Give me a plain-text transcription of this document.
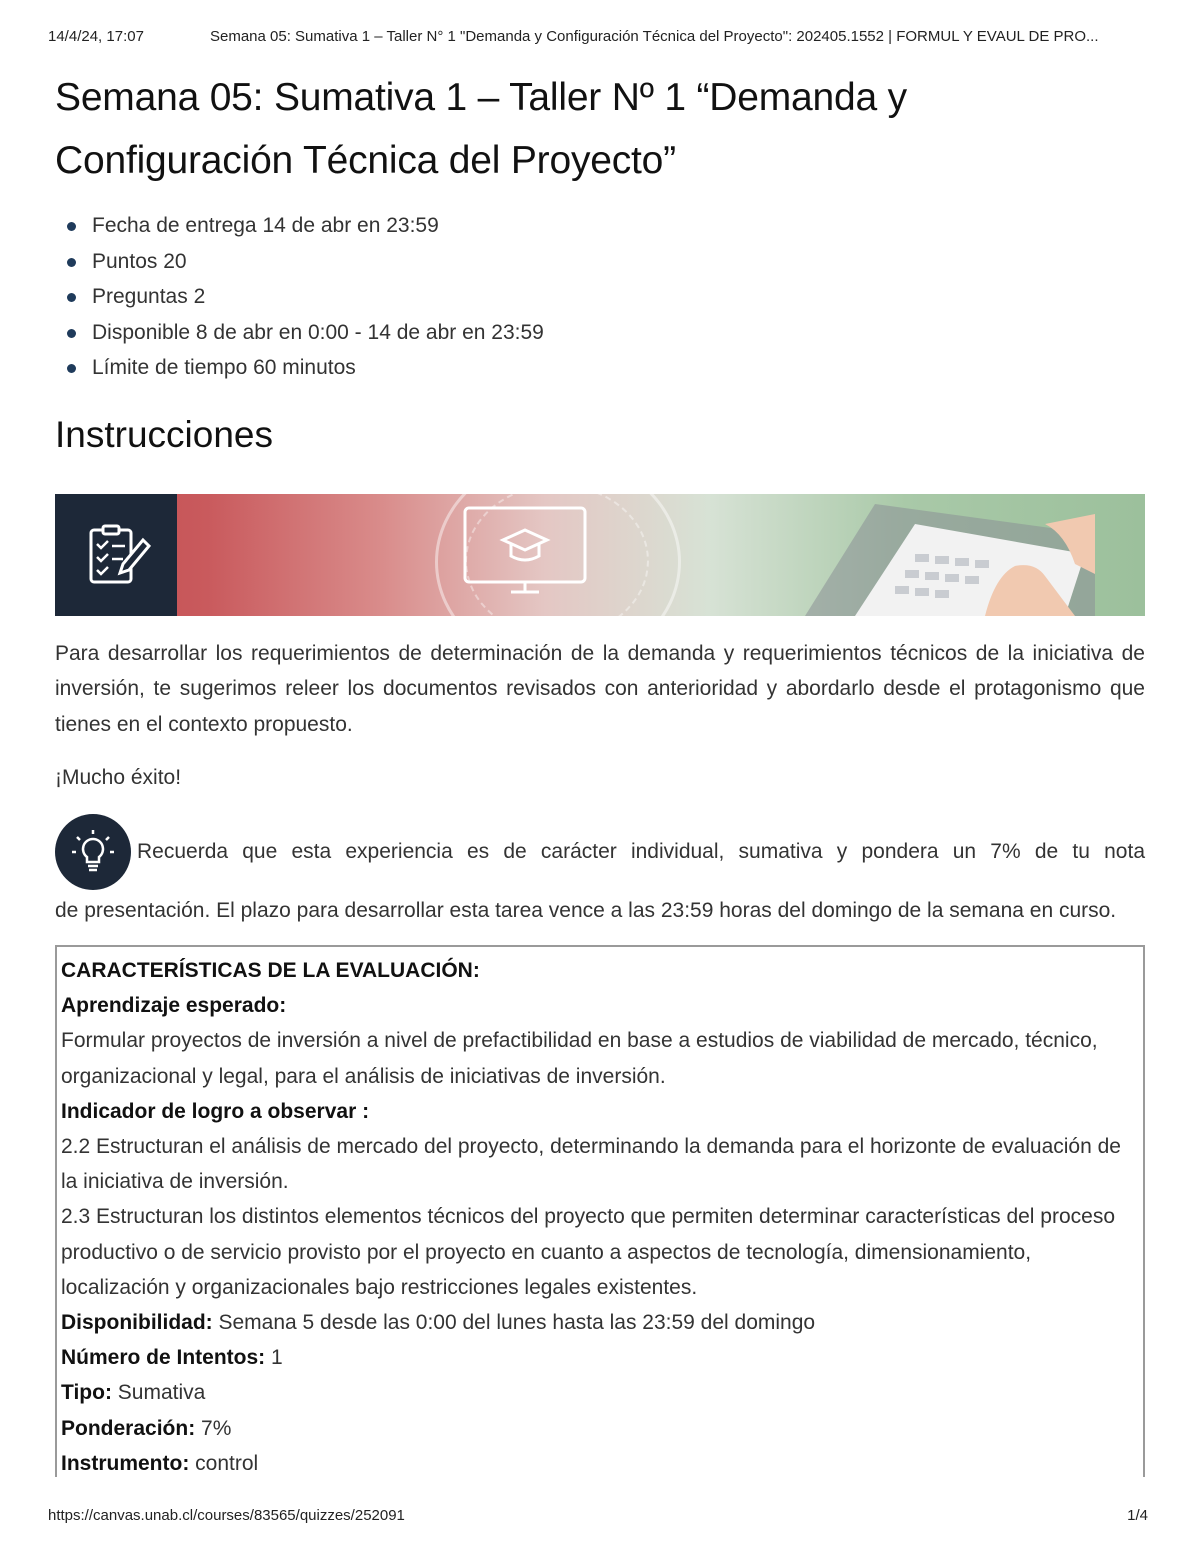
14/4/24, 17:07	Semana 05: Sumativa 1 – Taller N° 1 "Demanda y Configuración Técnica del Proyecto": 202405.1552 | FORMUL Y EVAUL DE PRO...
Semana 05: Sumativa 1 – Taller Nº 1 “Demanda y Configuración Técnica del Proyecto”
Fecha de entrega 14 de abr en 23:59
Puntos 20
Preguntas 2
Disponible 8 de abr en 0:00 - 14 de abr en 23:59
Límite de tiempo 60 minutos
Instrucciones

Para desarrollar los requerimientos de determinación de la demanda y requerimientos técnicos de la iniciativa de inversión, te sugerimos releer los documentos revisados con anterioridad y abordarlo desde el protagonismo que tienes en el contexto propuesto.

¡Mucho éxito!

Recuerda que esta experiencia es de carácter individual, sumativa y pondera un 7% de tu nota
de presentación. El plazo para desarrollar esta tarea vence a las 23:59 horas del domingo de la semana en curso.

CARACTERÍSTICAS DE LA EVALUACIÓN:

Aprendizaje esperado:

Formular proyectos de inversión a nivel de prefactibilidad en base a estudios de viabilidad de mercado, técnico, organizacional y legal, para el análisis de iniciativas de inversión.

Indicador de logro a observar :

2.2 Estructuran el análisis de mercado del proyecto, determinando la demanda para el horizonte de evaluación de la iniciativa de inversión.

2.3 Estructuran los distintos elementos técnicos del proyecto que permiten determinar características del proceso productivo o de servicio provisto por el proyecto en cuanto a aspectos de tecnología, dimensionamiento, localización y organizacionales bajo restricciones legales existentes.

Disponibilidad: Semana 5 desde las 0:00 del lunes hasta las 23:59 del domingo

Número de Intentos: 1

Tipo: Sumativa

Ponderación: 7%

Instrumento: control

https://canvas.unab.cl/courses/83565/quizzes/252091	1/4
